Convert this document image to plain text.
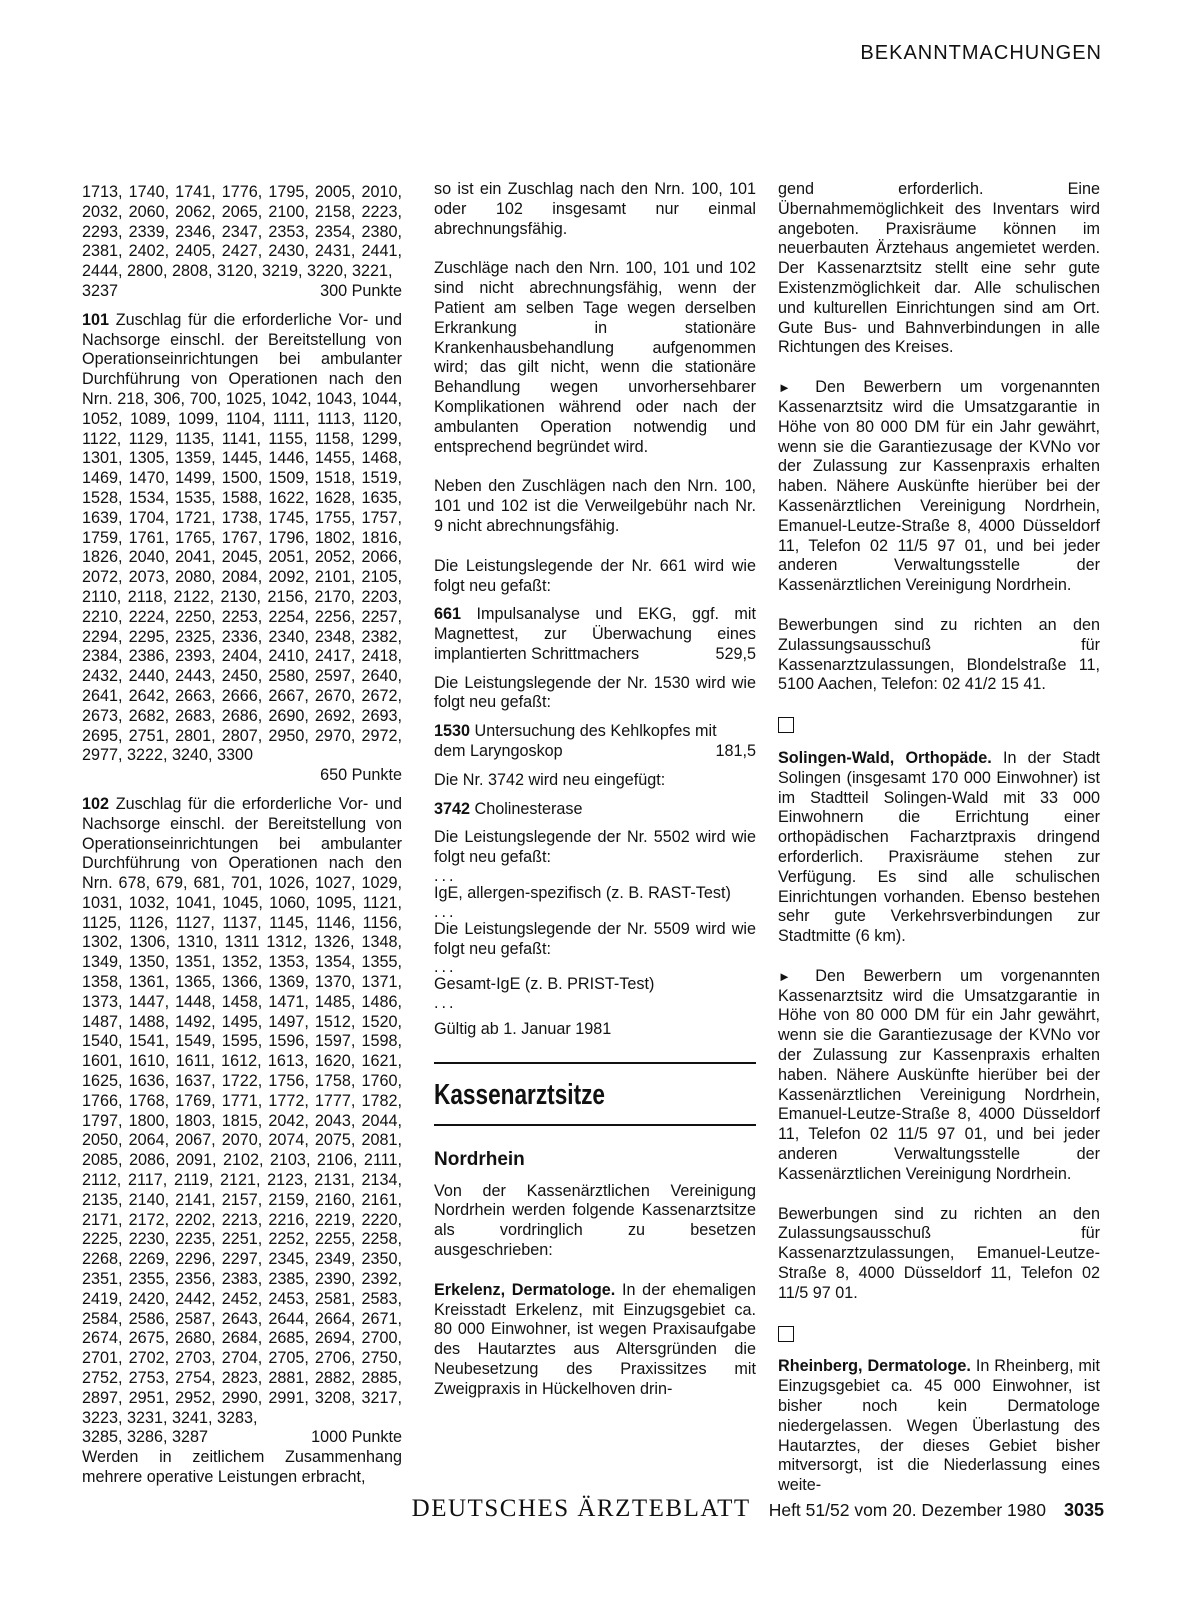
BEKANNTMACHUNGEN

1713, 1740, 1741, 1776, 1795, 2005, 2010, 2032, 2060, 2062, 2065, 2100, 2158, 2223, 2293, 2339, 2346, 2347, 2353, 2354, 2380, 2381, 2402, 2405, 2427, 2430, 2431, 2441, 2444, 2800, 2808, 3120, 3219, 3220, 3221,

3237	300 Punkte

101 Zuschlag für die erforderliche Vor- und Nachsorge einschl. der Bereitstellung von Operationseinrichtungen bei ambulanter Durchführung von Operationen nach den Nrn. 218, 306, 700, 1025, 1042, 1043, 1044, 1052, 1089, 1099, 1104, 1111, 1113, 1120, 1122, 1129, 1135, 1141, 1155, 1158, 1299, 1301, 1305, 1359, 1445, 1446, 1455, 1468, 1469, 1470, 1499, 1500, 1509, 1518, 1519, 1528, 1534, 1535, 1588, 1622, 1628, 1635, 1639, 1704, 1721, 1738, 1745, 1755, 1757, 1759, 1761, 1765, 1767, 1796, 1802, 1816, 1826, 2040, 2041, 2045, 2051, 2052, 2066, 2072, 2073, 2080, 2084, 2092, 2101, 2105, 2110, 2118, 2122, 2130, 2156, 2170, 2203, 2210, 2224, 2250, 2253, 2254, 2256, 2257, 2294, 2295, 2325, 2336, 2340, 2348, 2382, 2384, 2386, 2393, 2404, 2410, 2417, 2418, 2432, 2440, 2443, 2450, 2580, 2597, 2640, 2641, 2642, 2663, 2666, 2667, 2670, 2672, 2673, 2682, 2683, 2686, 2690, 2692, 2693, 2695, 2751, 2801, 2807, 2950, 2970, 2972, 2977, 3222, 3240, 3300

650 Punkte

102 Zuschlag für die erforderliche Vor- und Nachsorge einschl. der Bereitstellung von Operationseinrichtungen bei ambulanter Durchführung von Operationen nach den Nrn. 678, 679, 681, 701, 1026, 1027, 1029, 1031, 1032, 1041, 1045, 1060, 1095, 1121, 1125, 1126, 1127, 1137, 1145, 1146, 1156, 1302, 1306, 1310, 1311 1312, 1326, 1348, 1349, 1350, 1351, 1352, 1353, 1354, 1355, 1358, 1361, 1365, 1366, 1369, 1370, 1371, 1373, 1447, 1448, 1458, 1471, 1485, 1486, 1487, 1488, 1492, 1495, 1497, 1512, 1520, 1540, 1541, 1549, 1595, 1596, 1597, 1598, 1601, 1610, 1611, 1612, 1613, 1620, 1621, 1625, 1636, 1637, 1722, 1756, 1758, 1760, 1766, 1768, 1769, 1771, 1772, 1777, 1782, 1797, 1800, 1803, 1815, 2042, 2043, 2044, 2050, 2064, 2067, 2070, 2074, 2075, 2081, 2085, 2086, 2091, 2102, 2103, 2106, 2111, 2112, 2117, 2119, 2121, 2123, 2131, 2134, 2135, 2140, 2141, 2157, 2159, 2160, 2161, 2171, 2172, 2202, 2213, 2216, 2219, 2220, 2225, 2230, 2235, 2251, 2252, 2255, 2258, 2268, 2269, 2296, 2297, 2345, 2349, 2350, 2351, 2355, 2356, 2383, 2385, 2390, 2392, 2419, 2420, 2442, 2452, 2453, 2581, 2583, 2584, 2586, 2587, 2643, 2644, 2664, 2671, 2674, 2675, 2680, 2684, 2685, 2694, 2700, 2701, 2702, 2703, 2704, 2705, 2706, 2750, 2752, 2753, 2754, 2823, 2881, 2882, 2885, 2897, 2951, 2952, 2990, 2991, 3208, 3217, 3223, 3231, 3241, 3283,

3285, 3286, 3287	1000 Punkte

Werden in zeitlichem Zusammenhang mehrere operative Leistungen erbracht,

so ist ein Zuschlag nach den Nrn. 100, 101 oder 102 insgesamt nur einmal abrechnungsfähig.

Zuschläge nach den Nrn. 100, 101 und 102 sind nicht abrechnungsfähig, wenn der Patient am selben Tage wegen derselben Erkrankung in stationäre Krankenhausbehandlung aufgenommen wird; das gilt nicht, wenn die stationäre Behandlung wegen unvorhersehbarer Komplikationen während oder nach der ambulanten Operation notwendig und entsprechend begründet wird.

Neben den Zuschlägen nach den Nrn. 100, 101 und 102 ist die Verweilgebühr nach Nr. 9 nicht abrechnungsfähig.

Die Leistungslegende der Nr. 661 wird wie folgt neu gefaßt:

661 Impulsanalyse und EKG, ggf. mit Magnettest, zur Überwachung eines implantierten Schrittmachers	529,5

Die Leistungslegende der Nr. 1530 wird wie folgt neu gefaßt:

1530 Untersuchung des Kehlkopfes mit

dem Laryngoskop	181,5

Die Nr. 3742 wird neu eingefügt:

3742 Cholinesterase

Die Leistungslegende der Nr. 5502 wird wie folgt neu gefaßt:

...

IgE, allergen-spezifisch (z. B. RAST-Test)

...

Die Leistungslegende der Nr. 5509 wird wie folgt neu gefaßt:

...

Gesamt-IgE (z. B. PRIST-Test)

...

Gültig ab 1. Januar 1981

Kassenarztsitze
Nordrhein

Von der Kassenärztlichen Vereinigung Nordrhein werden folgende Kassenarztsitze als vordringlich zu besetzen ausgeschrieben:

Erkelenz, Dermatologe. In der ehemaligen Kreisstadt Erkelenz, mit Einzugsgebiet ca. 80 000 Einwohner, ist wegen Praxisaufgabe des Hautarztes aus Altersgründen die Neubesetzung des Praxissitzes mit Zweigpraxis in Hückelhoven drin-

gend erforderlich. Eine Übernahmemöglichkeit des Inventars wird angeboten. Praxisräume können im neuerbauten Ärztehaus angemietet werden. Der Kassenarztsitz stellt eine sehr gute Existenzmöglichkeit dar. Alle schulischen und kulturellen Einrichtungen sind am Ort. Gute Bus- und Bahnverbindungen in alle Richtungen des Kreises.

► Den Bewerbern um vorgenannten Kassenarztsitz wird die Umsatzgarantie in Höhe von 80 000 DM für ein Jahr gewährt, wenn sie die Garantiezusage der KVNo vor der Zulassung zur Kassenpraxis erhalten haben. Nähere Auskünfte hierüber bei der Kassenärztlichen Vereinigung Nordrhein, Emanuel-Leutze-Straße 8, 4000 Düsseldorf 11, Telefon 02 11/5 97 01, und bei jeder anderen Verwaltungsstelle der Kassenärztlichen Vereinigung Nordrhein.

Bewerbungen sind zu richten an den Zulassungsausschuß für Kassenarztzulassungen, Blondelstraße 11, 5100 Aachen, Telefon: 02 41/2 15 41.

Solingen-Wald, Orthopäde. In der Stadt Solingen (insgesamt 170 000 Einwohner) ist im Stadtteil Solingen-Wald mit 33 000 Einwohnern die Errichtung einer orthopädischen Facharztpraxis dringend erforderlich. Praxisräume stehen zur Verfügung. Es sind alle schulischen Einrichtungen vorhanden. Ebenso bestehen sehr gute Verkehrsverbindungen zur Stadtmitte (6 km).

► Den Bewerbern um vorgenannten Kassenarztsitz wird die Umsatzgarantie in Höhe von 80 000 DM für ein Jahr gewährt, wenn sie die Garantiezusage der KVNo vor der Zulassung zur Kassenpraxis erhalten haben. Nähere Auskünfte hierüber bei der Kassenärztlichen Vereinigung Nordrhein, Emanuel-Leutze-Straße 8, 4000 Düsseldorf 11, Telefon 02 11/5 97 01, und bei jeder anderen Verwaltungsstelle der Kassenärztlichen Vereinigung Nordrhein.

Bewerbungen sind zu richten an den Zulassungsausschuß für Kassenarztzulassungen, Emanuel-Leutze-Straße 8, 4000 Düsseldorf 11, Telefon 02 11/5 97 01.

Rheinberg, Dermatologe. In Rheinberg, mit Einzugsgebiet ca. 45 000 Einwohner, ist bisher noch kein Dermatologe niedergelassen. Wegen Überlastung des Hautarztes, der dieses Gebiet bisher mitversorgt, ist die Niederlassung eines weite-

DEUTSCHES ÄRZTEBLATT Heft 51/52 vom 20. Dezember 1980 3035
